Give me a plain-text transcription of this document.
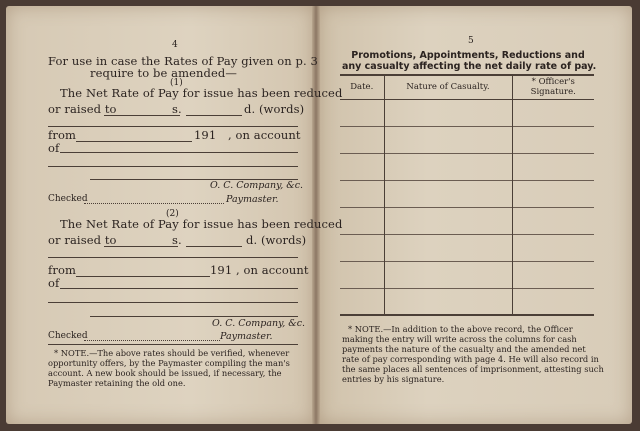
4
For use in case the Rates of Pay given on p. 3
require to be amended—
(1)
The Net Rate of Pay for issue has been reduced
or raised to	s.	d. (words)
from	191 , on account
of
O. C. Company, &c.
Checked	Paymaster.
(2)
The Net Rate of Pay for issue has been reduced
or raised to	s.	d. (words)
from	191 , on account
of
O. C. Company, &c.
Checked	Paymaster.
* NOTE.—The above rates should be verified, whenever
opportunity offers, by the Paymaster compiling the man's
account. A new book should be issued, if necessary, the
Paymaster retaining the old one.
5
Promotions, Appointments, Reductions and
any casualty affecting the net daily rate of pay.
Date.	Nature of Casualty.	* Officer's
Signature.

* NOTE.—In addition to the above record, the Officer
making the entry will write across the columns for cash
payments the nature of the casualty and the amended net
rate of pay corresponding with page 4. He will also record in
the same places all sentences of imprisonment, attesting such
entries by his signature.
